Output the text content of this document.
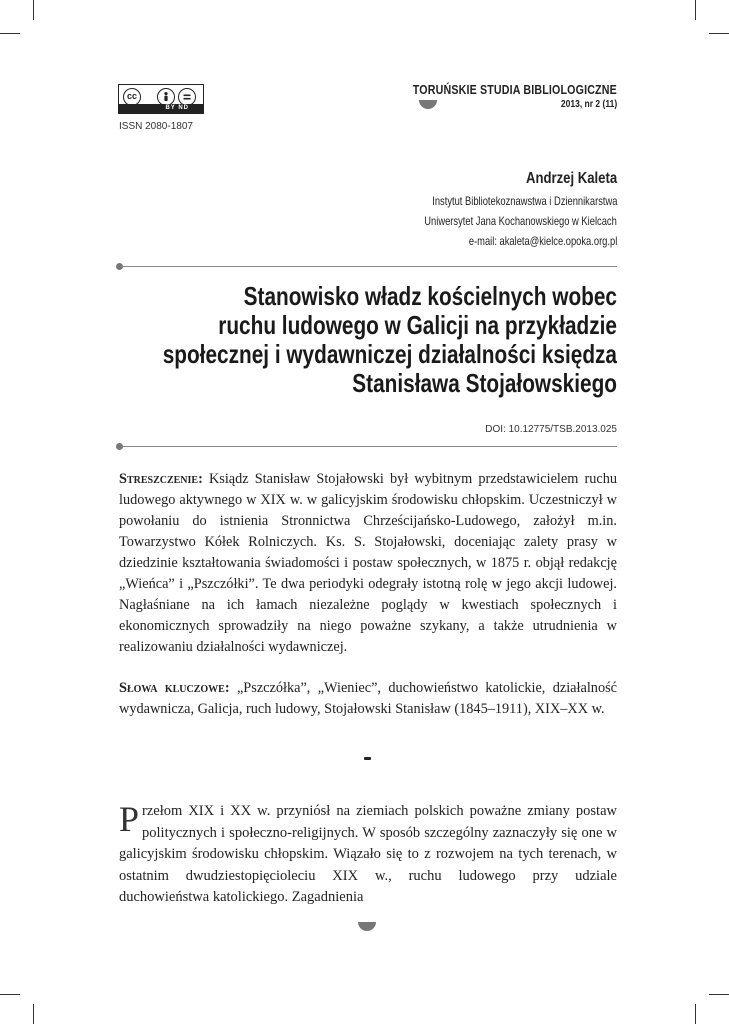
cc
BY ND
ISSN 2080-1807
TORUŃSKIE STUDIA BIBLIOLOGICZNE
2013, nr 2 (11)
Andrzej Kaleta
Instytut Bibliotekoznawstwa i Dziennikarstwa
Uniwersytet Jana Kochanowskiego w Kielcach
e-mail: akaleta@kielce.opoka.org.pl
Stanowisko władz kościelnych wobec
ruchu ludowego w Galicji na przykładzie
społecznej i wydawniczej działalności księdza
Stanisława Stojałowskiego
DOI: 10.12775/TSB.2013.025
Streszczenie: Ksiądz Stanisław Stojałowski był wybitnym przedstawicielem ruchu ludowego aktywnego w XIX w. w galicyjskim środowisku chłopskim. Uczestniczył w powołaniu do istnienia Stronnictwa Chrześcijańsko-Ludowego, założył m.in. Towarzystwo Kółek Rolniczych. Ks. S. Stojałowski, doceniając zalety prasy w dziedzinie kształtowania świadomości i postaw społecznych, w 1875 r. objął redakcję „Wieńca” i „Pszczółki”. Te dwa periodyki odegrały istotną rolę w jego akcji ludowej. Nagłaśniane na ich łamach niezależne poglądy w kwestiach społecznych i ekonomicznych sprowadziły na niego poważne szykany, a także utrudnienia w realizowaniu działalności wydawniczej.
Słowa kluczowe: „Pszczółka”, „Wieniec”, duchowieństwo katolickie, działalność wydawnicza, Galicja, ruch ludowy, Stojałowski Stanisław (1845–1911), XIX–XX w.
Przełom XIX i XX w. przyniósł na ziemiach polskich poważne zmiany postaw politycznych i społeczno-religijnych. W sposób szczególny zaznaczyły się one w galicyjskim środowisku chłopskim. Wiązało się to z rozwojem na tych terenach, w ostatnim dwudziestopięcioleciu XIX w., ruchu ludowego przy udziale duchowieństwa katolickiego. Zagadnienia
